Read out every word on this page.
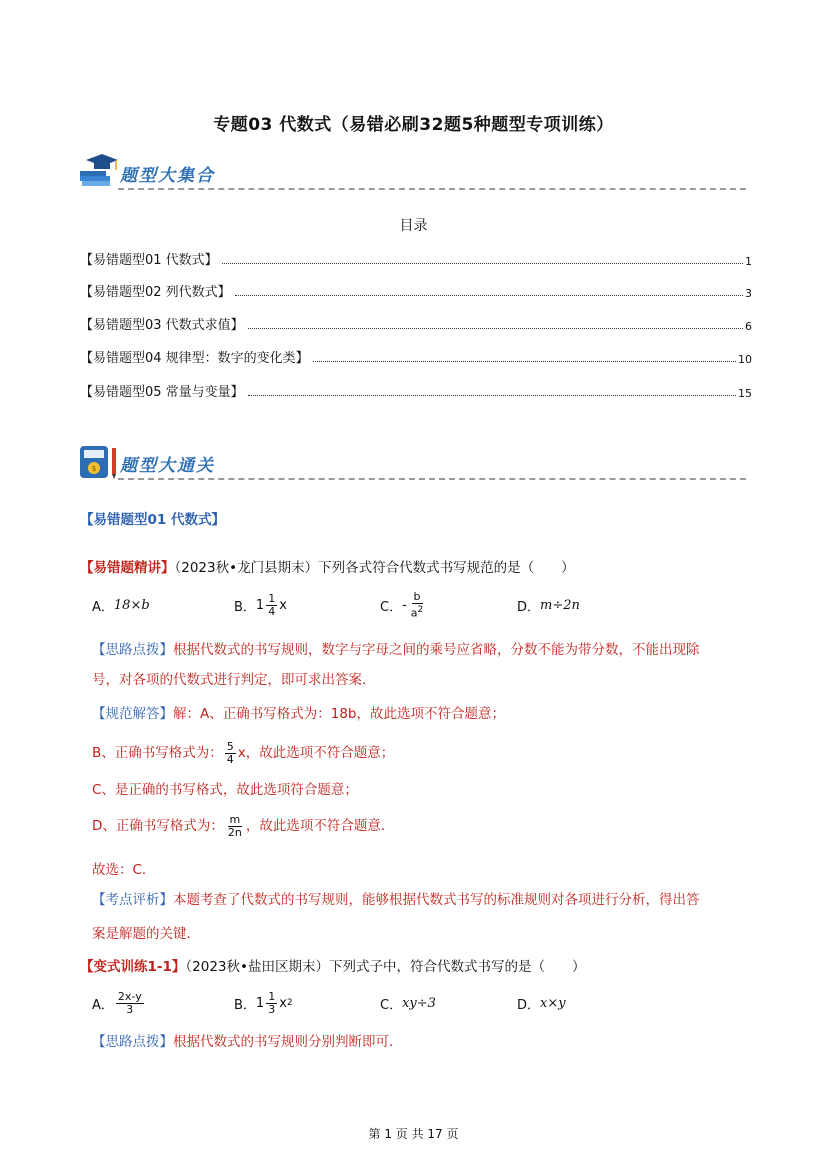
专题03 代数式（易错必刷32题5种题型专项训练）
题型大集合
目录
【易错题型01 代数式】	1
【易错题型02 列代数式】	3
【易错题型03 代数式求值】	6
【易错题型04 规律型：数字的变化类】	10
【易错题型05 常量与变量】	15
$ 题型大通关
【易错题型01 代数式】
【易错题精讲】（2023秋•龙门县期末）下列各式符合代数式书写规范的是（　　）
A． 18×b	B． $1 \frac{1}{4}$ x	C． - $\frac{b}{a^2}$	D． m÷2n
【思路点拨】根据代数式的书写规则，数字与字母之间的乘号应省略，分数不能为带分数，不能出现除
号，对各项的代数式进行判定，即可求出答案．
【规范解答】解：A、正确书写格式为：18b，故此选项不符合题意；
B、正确书写格式为： $\frac{5}{4}$ x，故此选项不符合题意；
C、是正确的书写格式，故此选项符合题意；
D、正确书写格式为： $\frac{m}{2n}$ ，故此选项不符合题意．
故选：C．
【考点评析】本题考查了代数式的书写规则，能够根据代数式书写的标准规则对各项进行分析，得出答
案是解题的关键．
【变式训练1-1】（2023秋•盐田区期末）下列式子中，符合代数式书写的是（　　）
A． $\frac{2x-y}{3}$	B． $1 \frac{1}{3}$ x 2	C． xy÷3	D． x×y
【思路点拨】根据代数式的书写规则分别判断即可．
第 1 页 共 17 页
